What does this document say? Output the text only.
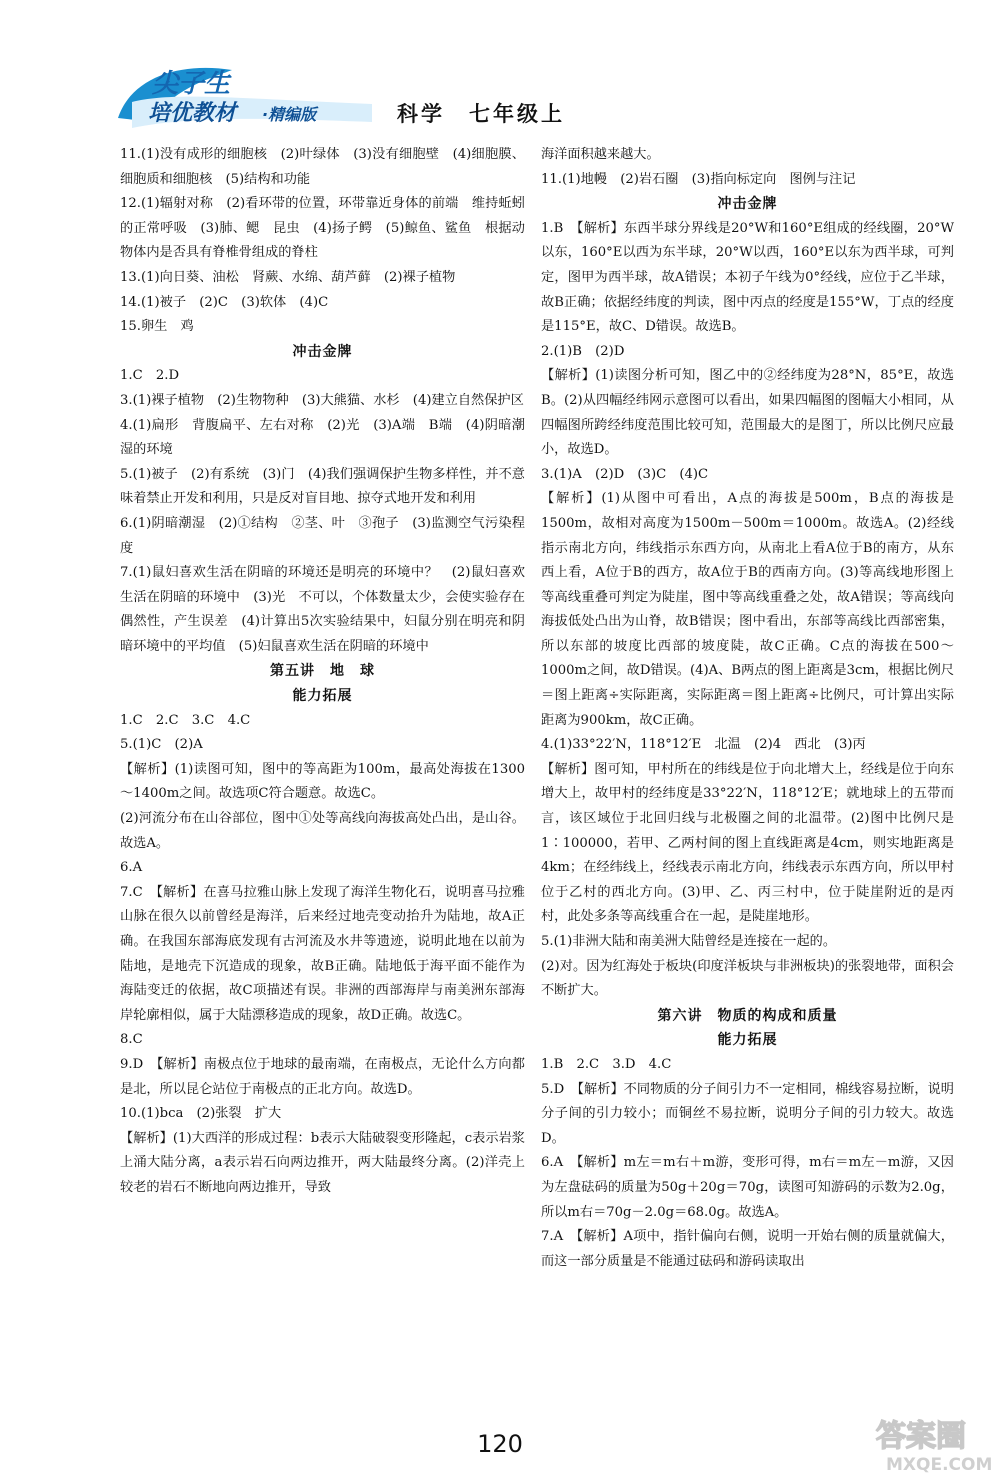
尖子生
培优教材 ·精编版	科学　七年级上

11.(1)没有成形的细胞核　(2)叶绿体　(3)没有细胞壁　(4)细胞膜、细胞质和细胞核　(5)结构和功能

12.(1)辐射对称　(2)看环带的位置，环带靠近身体的前端　维持蚯蚓的正常呼吸　(3)肺、鳃　昆虫　(4)扬子鳄　(5)鲸鱼、鲨鱼　根据动物体内是否具有脊椎骨组成的脊柱

13.(1)向日葵、油松　肾蕨、水绵、葫芦藓　(2)裸子植物

14.(1)被子　(2)C　(3)软体　(4)C

15.卵生　鸡

冲击金牌

1.C　2.D

3.(1)裸子植物　(2)生物物种　(3)大熊猫、水杉　(4)建立自然保护区

4.(1)扁形　背腹扁平、左右对称　(2)光　(3)A端　B端　(4)阴暗潮湿的环境

5.(1)被子　(2)有系统　(3)门　(4)我们强调保护生物多样性，并不意味着禁止开发和利用，只是反对盲目地、掠夺式地开发和利用

6.(1)阴暗潮湿　(2)①结构　②茎、叶　③孢子　(3)监测空气污染程度

7.(1)鼠妇喜欢生活在阴暗的环境还是明亮的环境中？　(2)鼠妇喜欢生活在阴暗的环境中　(3)光　不可以，个体数量太少，会使实验存在偶然性，产生误差　(4)计算出5次实验结果中，妇鼠分别在明亮和阴暗环境中的平均值　(5)妇鼠喜欢生活在阴暗的环境中

第五讲　地　球
能力拓展

1.C　2.C　3.C　4.C

5.(1)C　(2)A

【解析】(1)读图可知，图中的等高距为100m，最高处海拔在1300～1400m之间。故选项C符合题意。故选C。

(2)河流分布在山谷部位，图中①处等高线向海拔高处凸出，是山谷。故选A。

6.A

7.C　【解析】在喜马拉雅山脉上发现了海洋生物化石，说明喜马拉雅山脉在很久以前曾经是海洋，后来经过地壳变动抬升为陆地，故A正确。在我国东部海底发现有古河流及水井等遗迹，说明此地在以前为陆地，是地壳下沉造成的现象，故B正确。陆地低于海平面不能作为海陆变迁的依据，故C项描述有误。非洲的西部海岸与南美洲东部海岸轮廓相似，属于大陆漂移造成的现象，故D正确。故选C。

8.C

9.D　【解析】南极点位于地球的最南端，在南极点，无论什么方向都是北，所以昆仑站位于南极点的正北方向。故选D。

10.(1)bca　(2)张裂　扩大

【解析】(1)大西洋的形成过程：b表示大陆破裂变形隆起，c表示岩浆上涌大陆分离，a表示岩石向两边推开，两大陆最终分离。(2)洋壳上较老的岩石不断地向两边推开，导致

海洋面积越来越大。

11.(1)地幔　(2)岩石圈　(3)指向标定向　图例与注记

冲击金牌

1.B　【解析】东西半球分界线是20°W和160°E组成的经线圈，20°W以东，160°E以西为东半球，20°W以西，160°E以东为西半球，可判定，图甲为西半球，故A错误；本初子午线为0°经线，应位于乙半球，故B正确；依据经纬度的判读，图中丙点的经度是155°W，丁点的经度是115°E，故C、D错误。故选B。

2.(1)B　(2)D

【解析】(1)读图分析可知，图乙中的②经纬度为28°N，85°E，故选B。(2)从四幅经纬网示意图可以看出，如果四幅图的图幅大小相同，从四幅图所跨经纬度范围比较可知，范围最大的是图丁，所以比例尺应最小，故选D。

3.(1)A　(2)D　(3)C　(4)C

【解析】(1)从图中可看出，A点的海拔是500m，B点的海拔是1500m，故相对高度为1500m－500m＝1000m。故选A。(2)经线指示南北方向，纬线指示东西方向，从南北上看A位于B的南方，从东西上看，A位于B的西方，故A位于B的西南方向。(3)等高线地形图上等高线重叠可判定为陡崖，图中等高线重叠之处，故A错误；等高线向海拔低处凸出为山脊，故B错误；图中看出，东部等高线比西部密集，所以东部的坡度比西部的坡度陡，故C正确。C点的海拔在500～1000m之间，故D错误。(4)A、B两点的图上距离是3cm，根据比例尺＝图上距离÷实际距离，实际距离＝图上距离÷比例尺，可计算出实际距离为900km，故C正确。

4.(1)33°22′N，118°12′E　北温　(2)4　西北　(3)丙

【解析】图可知，甲村所在的纬线是位于向北增大上，经线是位于向东增大上，故甲村的经纬度是33°22′N，118°12′E；就地球上的五带而言，该区域位于北回归线与北极圈之间的北温带。(2)图中比例尺是1∶100000，若甲、乙两村间的图上直线距离是4cm，则实地距离是4km；在经纬线上，经线表示南北方向，纬线表示东西方向，所以甲村位于乙村的西北方向。(3)甲、乙、丙三村中，位于陡崖附近的是丙村，此处多条等高线重合在一起，是陡崖地形。

5.(1)非洲大陆和南美洲大陆曾经是连接在一起的。

(2)对。因为红海处于板块(印度洋板块与非洲板块)的张裂地带，面积会不断扩大。

第六讲　物质的构成和质量
能力拓展

1.B　2.C　3.D　4.C

5.D　【解析】不同物质的分子间引力不一定相同，棉线容易拉断，说明分子间的引力较小；而铜丝不易拉断，说明分子间的引力较大。故选D。

6.A　【解析】m左＝m右＋m游，变形可得，m右＝m左－m游，又因为左盘砝码的质量为50g＋20g＝70g，读图可知游码的示数为2.0g，所以m右＝70g－2.0g＝68.0g。故选A。

7.A　【解析】A项中，指针偏向右侧，说明一开始右侧的质量就偏大，而这一部分质量是不能通过砝码和游码读取出

120	答案圈
MXQE.COM
